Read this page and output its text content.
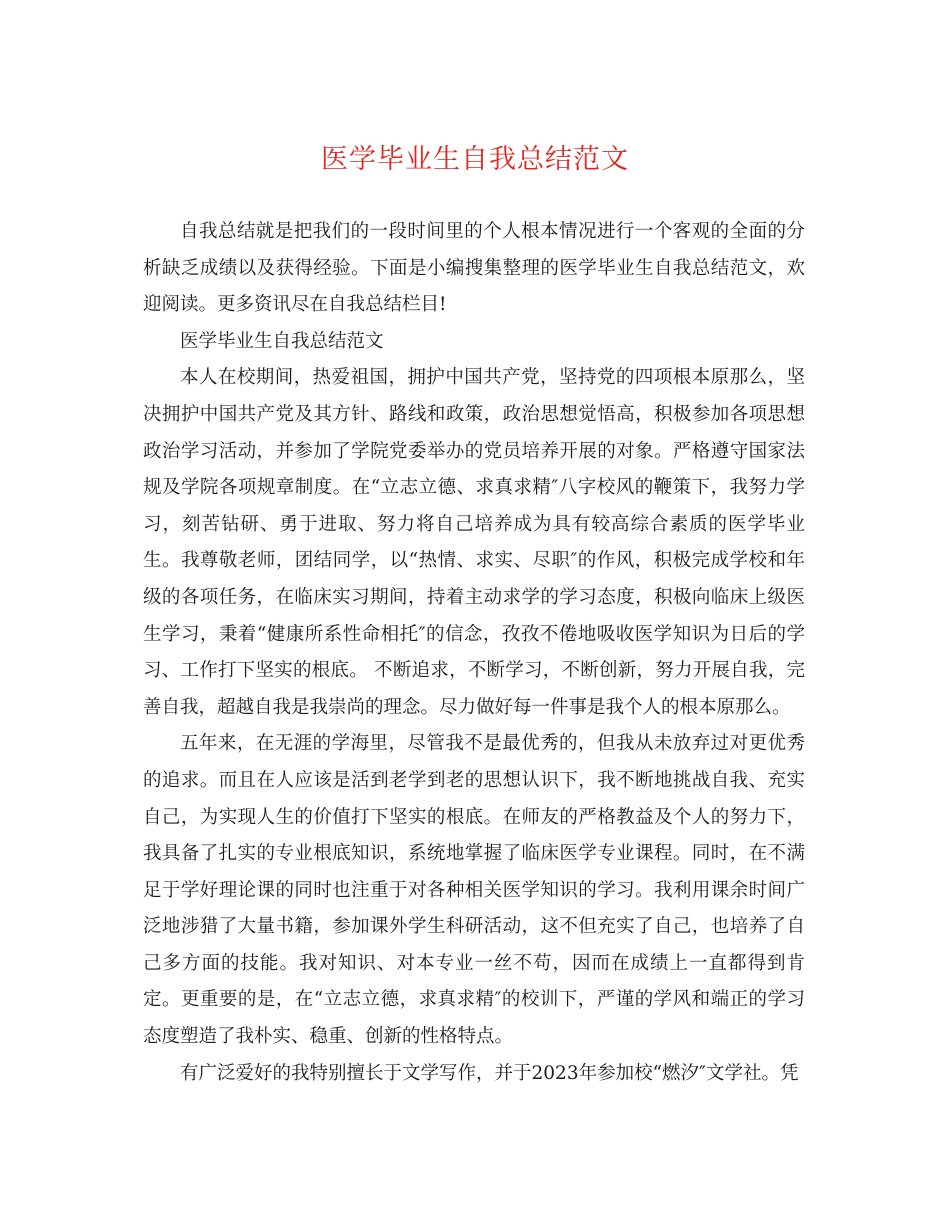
医学毕业生自我总结范文

自我总结就是把我们的一段时间里的个人根本情况进行一个客观的全面的分析缺乏成绩以及获得经验。下面是小编搜集整理的医学毕业生自我总结范文，欢迎阅读。更多资讯尽在自我总结栏目!

医学毕业生自我总结范文

本人在校期间，热爱祖国，拥护中国共产党，坚持党的四项根本原那么，坚决拥护中国共产党及其方针、路线和政策，政治思想觉悟高，积极参加各项思想政治学习活动，并参加了学院党委举办的党员培养开展的对象。严格遵守国家法规及学院各项规章制度。在“立志立德、求真求精″八字校风的鞭策下，我努力学习，刻苦钻研、勇于进取、努力将自己培养成为具有较高综合素质的医学毕业生。我尊敬老师，团结同学，以“热情、求实、尽职″的作风，积极完成学校和年级的各项任务，在临床实习期间，持着主动求学的学习态度，积极向临床上级医生学习，秉着“健康所系性命相托″的信念，孜孜不倦地吸收医学知识为日后的学习、工作打下坚实的根底。 不断追求，不断学习，不断创新，努力开展自我，完善自我，超越自我是我崇尚的理念。尽力做好每一件事是我个人的根本原那么。

五年来，在无涯的学海里，尽管我不是最优秀的，但我从未放弃过对更优秀的追求。而且在人应该是活到老学到老的思想认识下，我不断地挑战自我、充实自己，为实现人生的价值打下坚实的根底。在师友的严格教益及个人的努力下，我具备了扎实的专业根底知识，系统地掌握了临床医学专业课程。同时，在不满足于学好理论课的同时也注重于对各种相关医学知识的学习。我利用课余时间广泛地涉猎了大量书籍，参加课外学生科研活动，这不但充实了自己，也培养了自己多方面的技能。我对知识、对本专业一丝不苟，因而在成绩上一直都得到肯定。更重要的是，在“立志立德，求真求精″的校训下，严谨的学风和端正的学习态度塑造了我朴实、稳重、创新的性格特点。

有广泛爱好的我特别擅长于文学写作，并于2023年参加校“燃汐″文学社。凭
